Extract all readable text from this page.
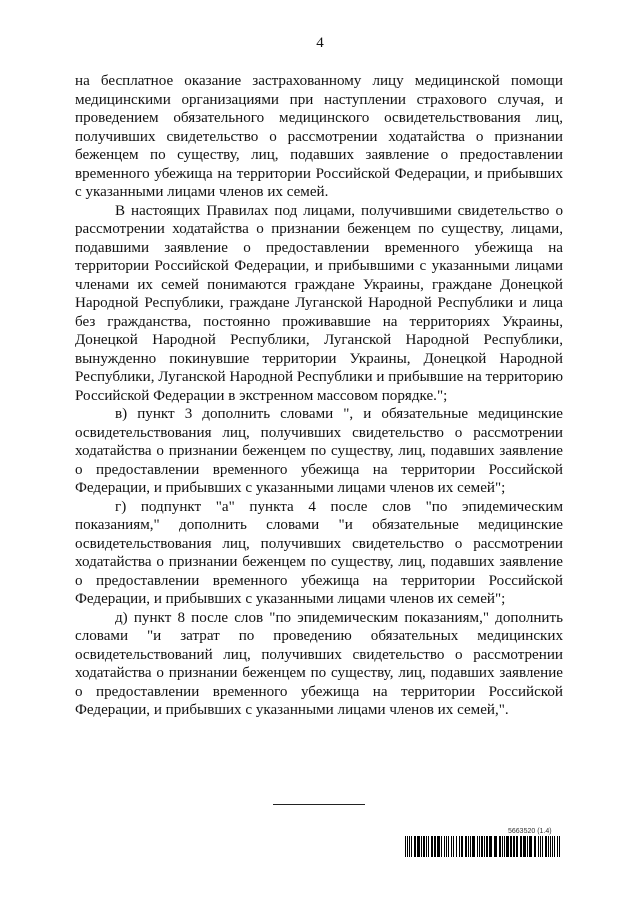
4

на бесплатное оказание застрахованному лицу медицинской помощи медицинскими организациями при наступлении страхового случая, и проведением обязательного медицинского освидетельствования лиц, получивших свидетельство о рассмотрении ходатайства о признании беженцем по существу, лиц, подавших заявление о предоставлении временного убежища на территории Российской Федерации, и прибывших с указанными лицами членов их семей.

В настоящих Правилах под лицами, получившими свидетельство о рассмотрении ходатайства о признании беженцем по существу, лицами, подавшими заявление о предоставлении временного убежища на территории Российской Федерации, и прибывшими с указанными лицами членами их семей понимаются граждане Украины, граждане Донецкой Народной Республики, граждане Луганской Народной Республики и лица без гражданства, постоянно проживавшие на территориях Украины, Донецкой Народной Республики, Луганской Народной Республики, вынужденно покинувшие территории Украины, Донецкой Народной Республики, Луганской Народной Республики и прибывшие на территорию Российской Федерации в экстренном массовом порядке.";

в) пункт 3 дополнить словами ", и обязательные медицинские освидетельствования лиц, получивших свидетельство о рассмотрении ходатайства о признании беженцем по существу, лиц, подавших заявление о предоставлении временного убежища на территории Российской Федерации, и прибывших с указанными лицами членов их семей";

г) подпункт "а" пункта 4 после слов "по эпидемическим показаниям," дополнить словами "и обязательные медицинские освидетельствования лиц, получивших свидетельство о рассмотрении ходатайства о признании беженцем по существу, лиц, подавших заявление о предоставлении временного убежища на территории Российской Федерации, и прибывших с указанными лицами членов их семей";

д) пункт 8 после слов "по эпидемическим показаниям," дополнить словами "и затрат по проведению обязательных медицинских освидетельствований лиц, получивших свидетельство о рассмотрении ходатайства о признании беженцем по существу, лиц, подавших заявление о предоставлении временного убежища на территории Российской Федерации, и прибывших с указанными лицами членов их семей,".

5663520 (1.4)
